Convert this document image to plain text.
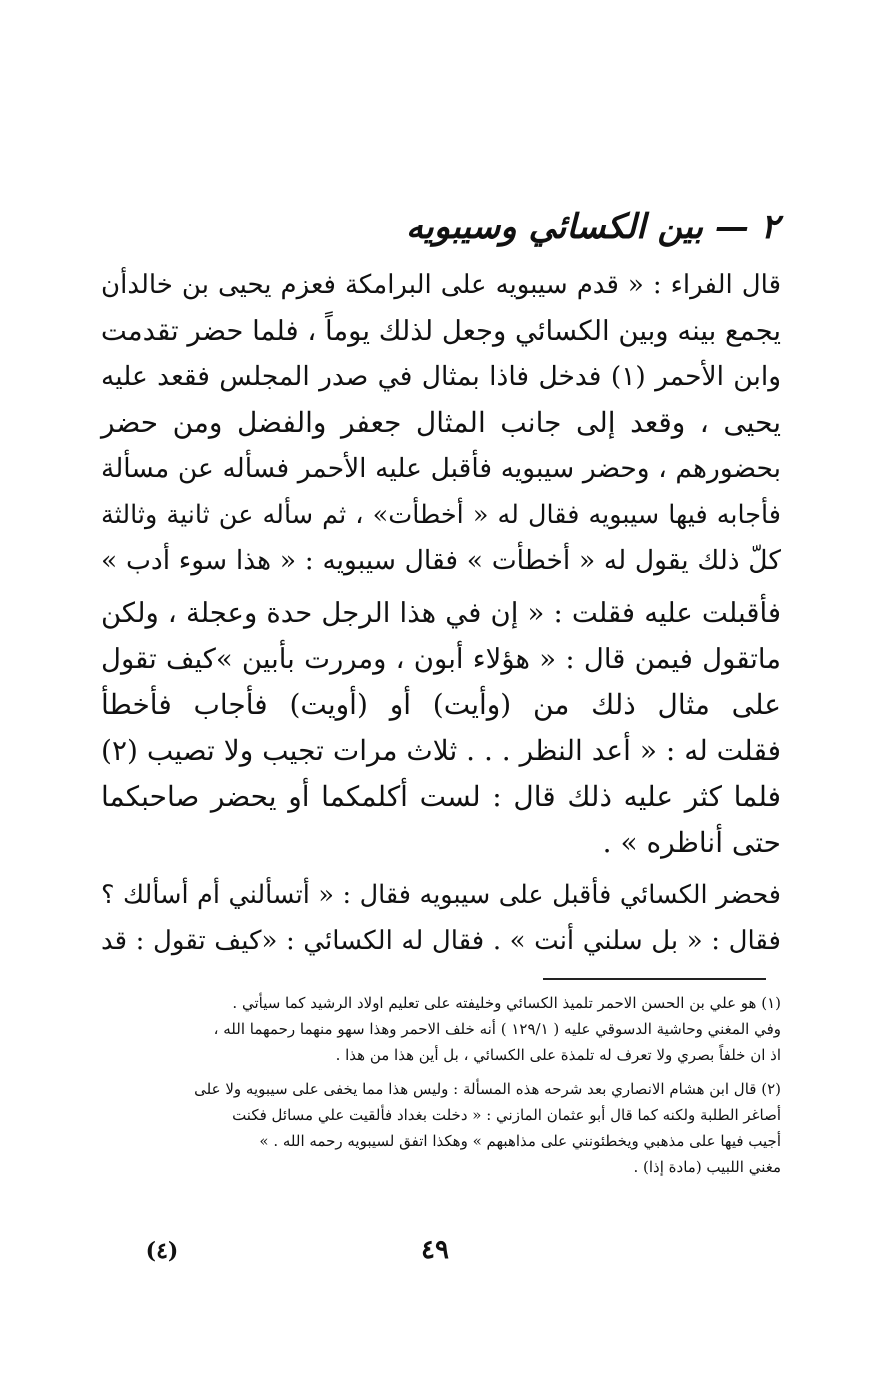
٢ — بين الكسائي وسيبويه

قال الفراء : « قدم سيبويه على البرامكة فعزم يحيى بن خالدأن
يجمع بينه وبين الكسائي وجعل لذلك يوماً ، فلما حضر تقدمت
وابن الأحمر (١) فدخل فاذا بمثال في صدر المجلس فقعد عليه
يحيى ، وقعد إلى جانب المثال جعفر والفضل ومن حضر
بحضورهم ، وحضر سيبويه فأقبل عليه الأحمر فسأله عن مسألة
فأجابه فيها سيبويه فقال له « أخطأت» ، ثم سأله عن ثانية وثالثة
كلّ ذلك يقول له « أخطأت » فقال سيبويه : « هذا سوء أدب »

فأقبلت عليه فقلت : « إن في هذا الرجل حدة وعجلة ، ولكن
ماتقول فيمن قال : « هؤلاء أبون ، ومررت بأبين »كيف تقول
على مثال ذلك من (وأيت) أو (أويت) فأجاب فأخطأ
فقلت له : « أعد النظر . . . ثلاث مرات تجيب ولا تصيب (٢)
فلما كثر عليه ذلك قال : لست أكلمكما أو يحضر صاحبكما
حتى أناظره » .

فحضر الكسائي فأقبل على سيبويه فقال : « أتسألني أم أسألك ؟
فقال : « بل سلني أنت » . فقال له الكسائي : «كيف تقول : قد

(١) هو علي بن الحسن الاحمر تلميذ الكسائي وخليفته على تعليم اولاد الرشيد كما سيأتي .
وفي المغني وحاشية الدسوقي عليه ( ١٢٩/١ ) أنه خلف الاحمر وهذا سهو منهما رحمهما الله ،
اذ ان خلفاً بصري ولا تعرف له تلمذة على الكسائي ، بل أين هذا من هذا .

(٢) قال ابن هشام الانصاري بعد شرحه هذه المسألة : وليس هذا مما يخفى على سيبويه ولا على
أصاغر الطلبة ولكنه كما قال أبو عثمان المازني : « دخلت بغداد فألقيت علي مسائل فكنت
أجيب فيها على مذهبي ويخطئونني على مذاهبهم » وهكذا اتفق لسيبويه رحمه الله . »
مغني اللبيب (مادة إذا) .

٤٩
(٤)
